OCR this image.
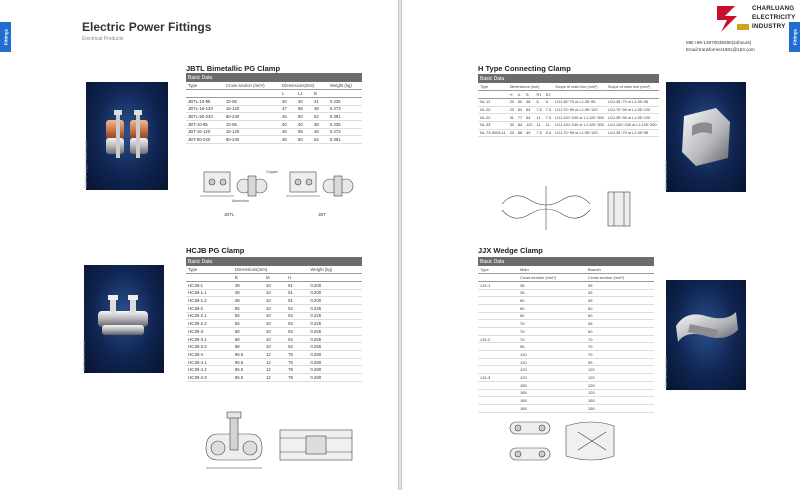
Fittings
Electric Power Fittings
Electrical Products
JBTL Bimetallic PG Clamp
Material: Copper & Aluminium
Basic Data					
Type	Cross section (mm²)	Dimensions(mm)			Weight (kg)
		L	L1	B	
JBTL-10-95	10-95	40	40	41	0.235
JBTL-16-120	16-120	47	55	48	0.273
JBTL-50-240	50-240	45	60	62	0.391
JBT-10-95	10-95	40	40	38	0.235
JBT-16-120	16-120	45	55	48	0.273
JBT-50-240	50-240	45	60	62	0.391
JBTL	JBT
Copper
Aluminium
HCJB PG Clamp
Material: Aluminium
Basic Data				
Type	Dimensions(mm)			Weight (kg)
	B	M	H	
HCJB-1	48	10	51	0.200
HCJB-1.1	48	10	51	0.200
HCJB-1.2	48	10	51	0.200
HCJB-2	55	10	52	0.225
HCJB-2.1	55	10	52	0.225
HCJB-2.2	55	10	52	0.225
HCJB-3	58	10	52	0.255
HCJB-3.1	58	10	52	0.255
HCJB-3.2	58	10	52	0.255
HCJB-4	86.5	12	75	0.280
HCJB-4.1	86.5	12	75	0.280
HCJB-4.2	86.5	12	75	0.280
HCJB-4.3	86.5	12	75	0.280
Fittings
H Type Connecting Clamp
Basic Data							
Type	Dimensions (mm)					Scope of main line (mm²)	Scope of main line (mm²)
	H	A	B	R1	R2		
NL-11	20	50	48	6	6	LGJ-35~70 or LJ-35~95	LGJ-35~70 or LJ-35~95
NL-20	23	64	64	7.5	7.5	LGJ-70~95 or LJ-95~120	LGJ-70~95 or LJ-95~120
NL-22	31	77	64	11	7.5	LGJ-120~240 or LJ-120~300	LGJ-35~95 or LJ-95~120
NL-33	32	84	120	11	11	LGJ-120~240 or LJ-120~300	LGJ-120~240 or LJ-120~300
NL-7X-9009-11	23	68	49	7.5	6.5	LGJ-70~95 or LJ-95~120	LGJ-35~70 or LJ-35~95
Material: Aluminium
CHARLUANG
ELECTRICITY
INDUSTRY
MB:+86-13970039280(24hours)
Email:transformer1981@163.com
JJX Wedge Clamp
Basic Data		
Type	Main	Branch
	Cross section (mm²)	Cross section (mm²)
JJX-1	35	35
	35	35
	50	35
	50	50
	50	50
	70	35
	70	50
JJX-2	70	70
	95	70
	120	70
	120	95
	120	120
JJX-3	120	120
	150	120
	185	120
	185	150
	185	150
Material: Aluminium
